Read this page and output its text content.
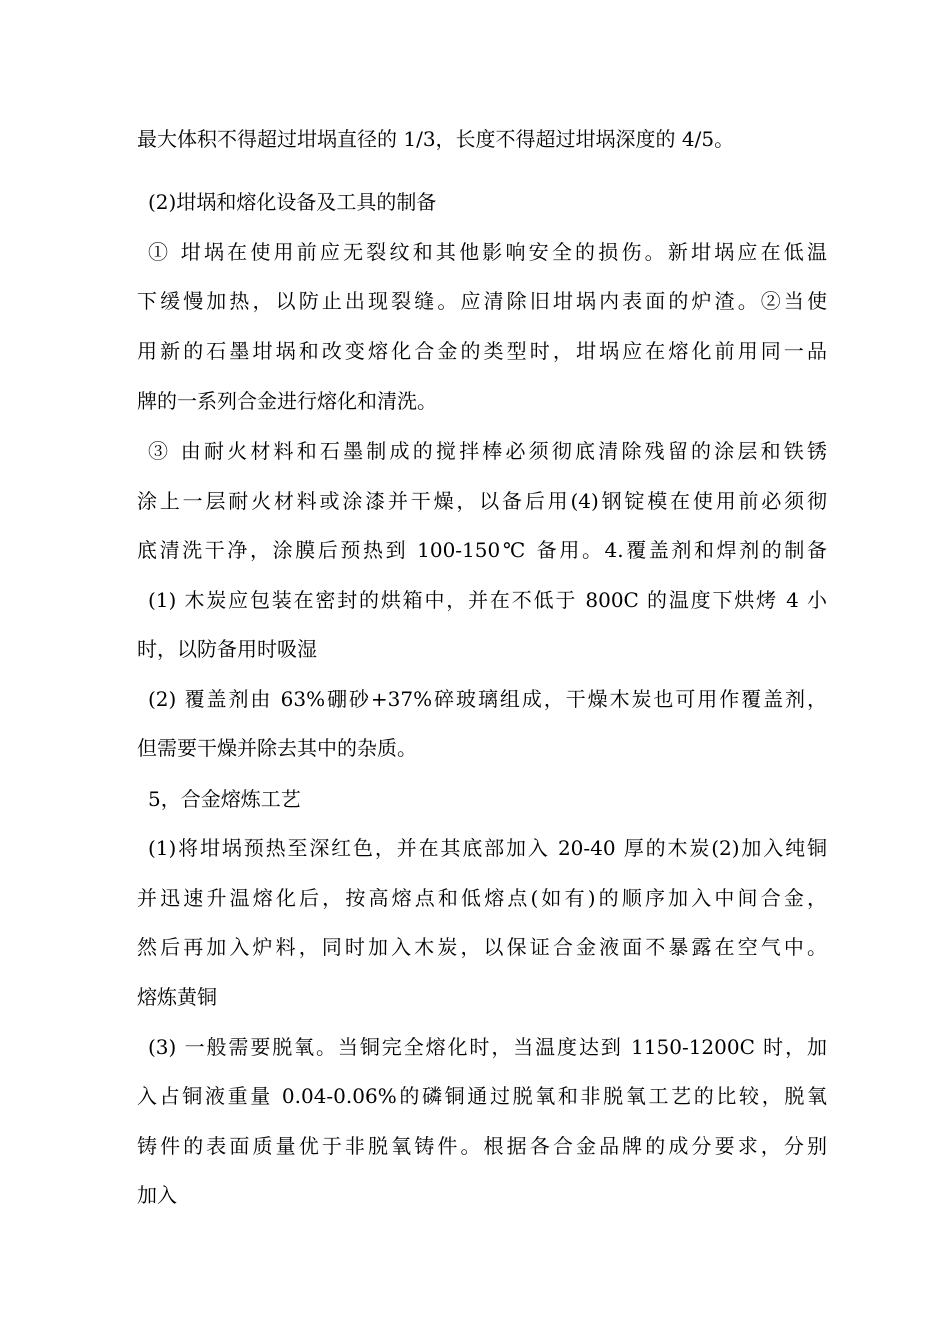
最大体积不得超过坩埚直径的 1/3，长度不得超过坩埚深度的 4/5。
(2)坩埚和熔化设备及工具的制备
① 坩埚在使用前应无裂纹和其他影响安全的损伤。新坩埚应在低温
下缓慢加热，以防止出现裂缝。应清除旧坩埚内表面的炉渣。②当使
用新的石墨坩埚和改变熔化合金的类型时，坩埚应在熔化前用同一品
牌的一系列合金进行熔化和清洗。
③ 由耐火材料和石墨制成的搅拌棒必须彻底清除残留的涂层和铁锈
涂上一层耐火材料或涂漆并干燥，以备后用(4)钢锭模在使用前必须彻
底清洗干净，涂膜后预热到 100-150℃ 备用。4.覆盖剂和焊剂的制备
(1) 木炭应包装在密封的烘箱中，并在不低于 800C 的温度下烘烤 4 小
时，以防备用时吸湿
(2) 覆盖剂由 63%硼砂+37%碎玻璃组成，干燥木炭也可用作覆盖剂，
但需要干燥并除去其中的杂质。
5，合金熔炼工艺
(1)将坩埚预热至深红色，并在其底部加入 20-40 厚的木炭(2)加入纯铜
并迅速升温熔化后，按高熔点和低熔点(如有)的顺序加入中间合金，
然后再加入炉料，同时加入木炭，以保证合金液面不暴露在空气中。
熔炼黄铜
(3) 一般需要脱氧。当铜完全熔化时，当温度达到 1150-1200C 时，加
入占铜液重量 0.04-0.06%的磷铜通过脱氧和非脱氧工艺的比较，脱氧
铸件的表面质量优于非脱氧铸件。根据各合金品牌的成分要求，分别
加入
